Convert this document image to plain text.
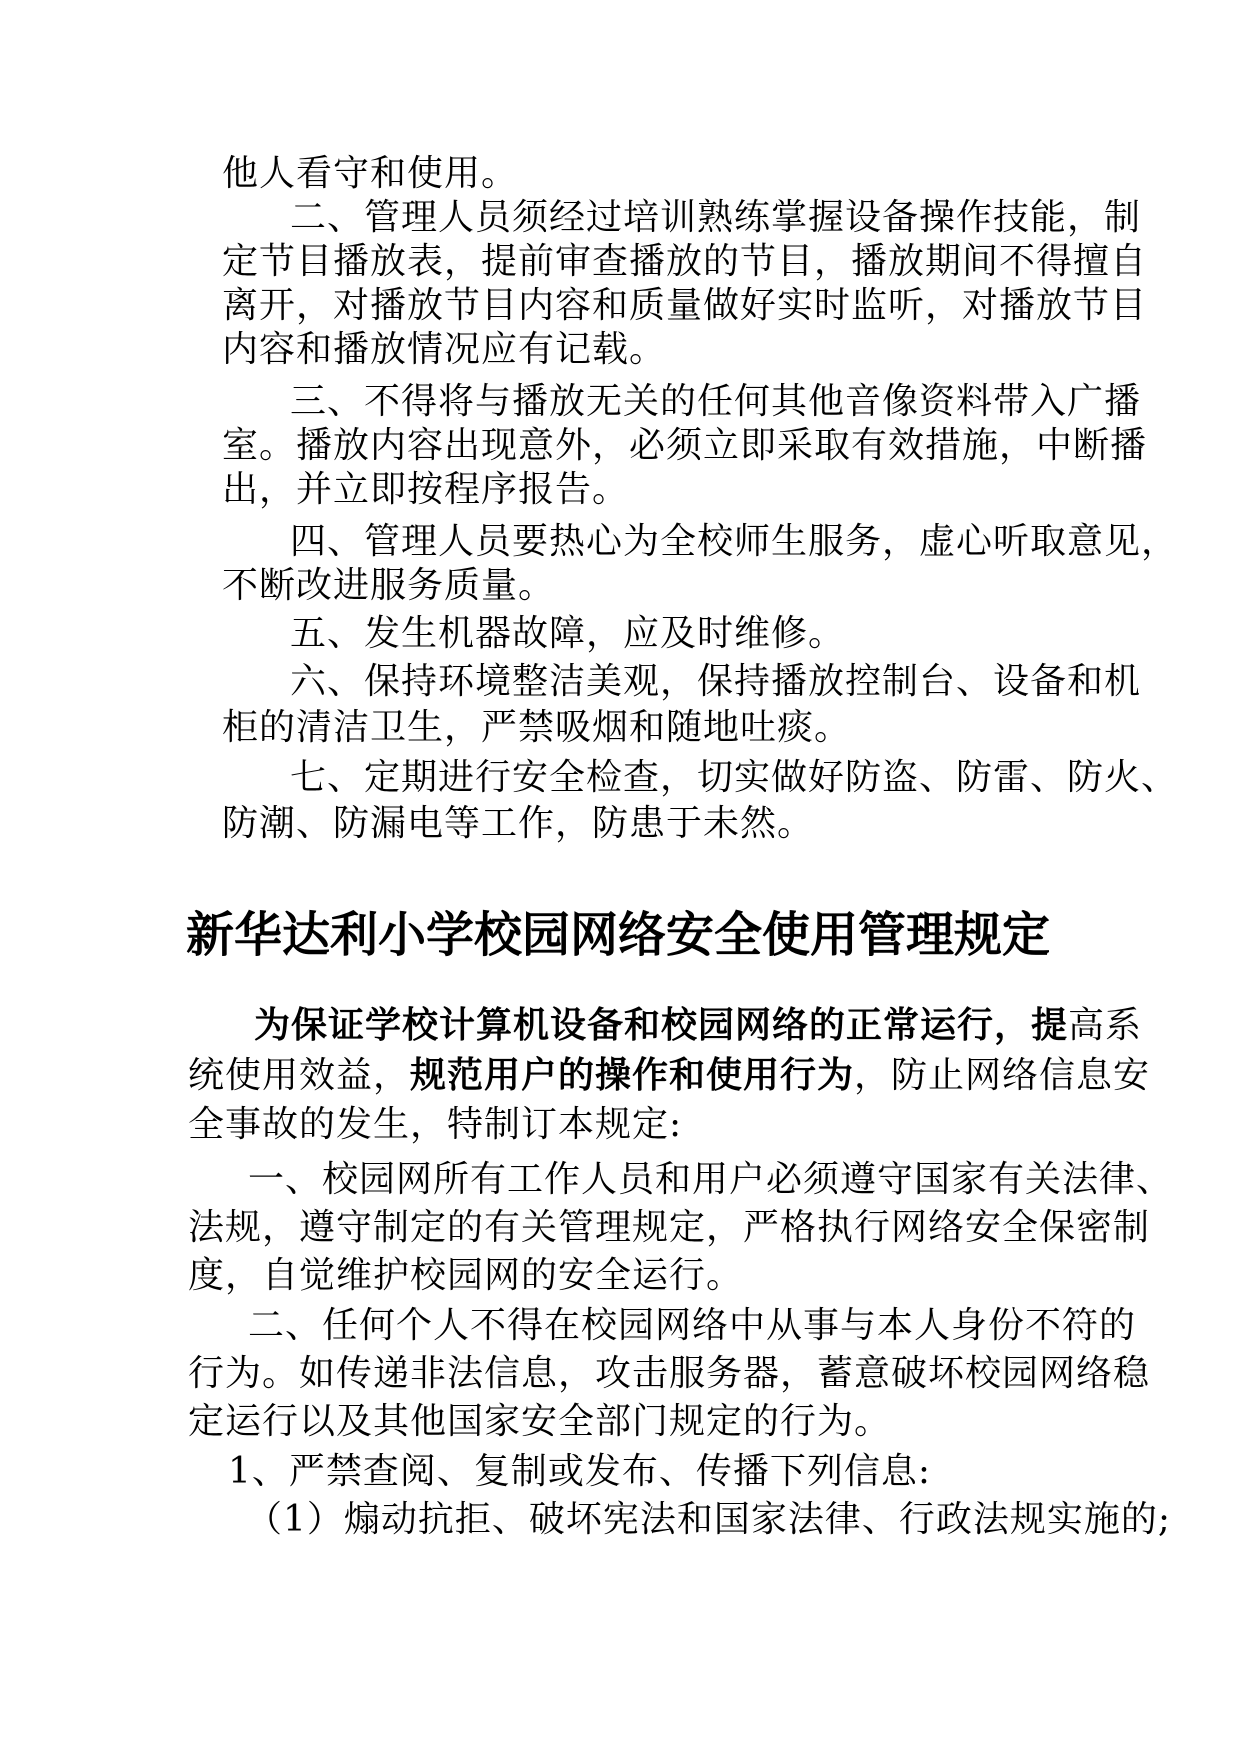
他人看守和使用。
二、管理人员须经过培训熟练掌握设备操作技能，制
定节目播放表，提前审查播放的节目，播放期间不得擅自
离开，对播放节目内容和质量做好实时监听，对播放节目
内容和播放情况应有记载。
三、不得将与播放无关的任何其他音像资料带入广播
室。播放内容出现意外，必须立即采取有效措施，中断播
出，并立即按程序报告。
四、管理人员要热心为全校师生服务，虚心听取意见，
不断改进服务质量。
五、发生机器故障，应及时维修。
六、保持环境整洁美观，保持播放控制台、设备和机
柜的清洁卫生，严禁吸烟和随地吐痰。
七、定期进行安全检查，切实做好防盗、防雷、防火、
防潮、防漏电等工作，防患于未然。
新华达利小学校园网络安全使用管理规定
为保证学校计算机设备和校园网络的正常运行，提高系
统使用效益，规范用户的操作和使用行为，防止网络信息安
全事故的发生，特制订本规定:
一、校园网所有工作人员和用户必须遵守国家有关法律、
法规，遵守制定的有关管理规定，严格执行网络安全保密制
度，自觉维护校园网的安全运行。
二、任何个人不得在校园网络中从事与本人身份不符的
行为。如传递非法信息，攻击服务器，蓄意破坏校园网络稳
定运行以及其他国家安全部门规定的行为。
1、严禁查阅、复制或发布、传播下列信息:
（1）煽动抗拒、破坏宪法和国家法律、行政法规实施的;
